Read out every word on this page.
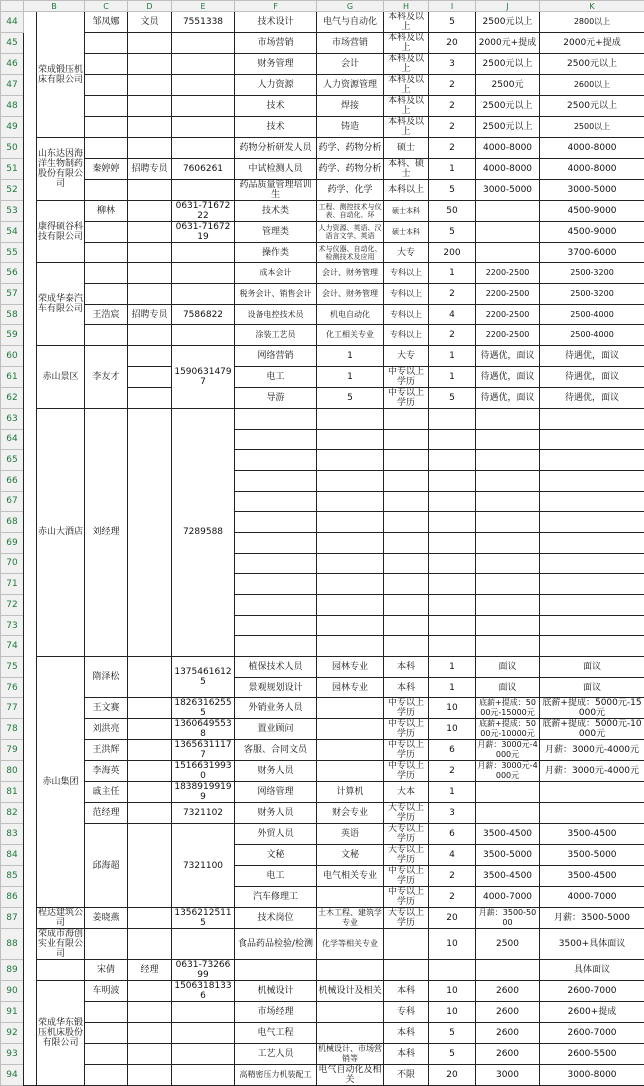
	B		C	D	E	F	G	H	I	J	K
44		荣成锻压机床有限公司	邹凤娜	文员	7551338	技术设计	电气与自动化	本科及以上	5	2500元以上	2800以上
45						市场营销	市场营销	本科及以上	20	2000元+提成	2000元+提成
46						财务管理	会计	本科及以上	3	2500元以上	2500元以上
47						人力资源	人力资源管理	本科及以上	2	2500元	2600以上
48						技术	焊接	本科及以上	2	2500元以上	2500元以上
49						技术	铸造	本科及以上	2	2500元以上	2500以上
50		山东达因海洋生物制药股份有限公司				药物分析研发人员	药学、药物分析	硕士	2	4000-8000	4000-8000
51			秦婷婷	招聘专员	7606261	中试检测人员	药学、药物分析	本科、硕士	1	4000-8000	4000-8000
52						药品质量管理培训生	药学、化学	本科以上	5	3000-5000	3000-5000
53		康得硕谷科技有限公司	柳林		0631-7167222	技术类	工程、测控技术与仪表、自动化、环	硕士本科	50		4500-9000
54					0631-7167219	管理类	人力资源、英语、汉语言文学、英语	硕士本科	5		4500-9000
55						操作类	术与仪器、自动化、检测技术及应用	大专	200		3700-6000
56		荣成华泰汽车有限公司				成本会计	会计、财务管理	专科以上	1	2200-2500	2500-3200
57						税务会计、销售会计	会计、财务管理	专科以上	2	2200-2500	2500-3200
58			王浩宸	招聘专员	7586822	设备电控技术员	机电自动化	专科以上	4	2200-2500	2500-4000
59						涂装工艺员	化工相关专业	专科以上	2	2200-2500	2500-4000
60		赤山景区	李友才		15906314797	网络营销	1	大专	1	待遇优，面议	待遇优，面议
61						电工	1	中专以上学历	1	待遇优，面议	待遇优，面议
62						导游	5	中专以上学历	5	待遇优，面议	待遇优，面议
63		赤山大酒店	刘经理		7289588						
64											
65											
66											
67											
68											
69											
70											
71											
72											
73											
74											
75		赤山集团	隋泽松		13754616125	植保技术人员	园林专业	本科	1	面议	面议
76						景观规划设计	园林专业	本科	1	面议	面议
77			王文赛		18263162555	外销业务人员		中专以上学历	10	底薪+提成：5000元-15000元	底薪+提成：5000元-15000元
78			刘洪亮		13606495538	置业顾问		中专以上学历	10	底薪+提成：5000元-10000元	底薪+提成：5000元-10000元
79			王洪辉		13656311177	客服、合同文员		中专以上学历	6	月薪：3000元-4000元	月薪：3000元-4000元
80			李海英		15166319930	财务人员		中专以上学历	2	月薪：3000元-4000元	月薪：3000元-4000元
81			戚主任		18389199199	网络管理	计算机	大本	1		
82			范经理		7321102	财务人员	财会专业	大专以上学历	3		
83			邱海超		7321100	外贸人员	英语	大专以上学历	6	3500-4500	3500-4500
84						文秘	文秘	大专以上学历	4	3500-5000	3500-5000
85						电工	电气相关专业	中专以上学历	2	3500-4500	3500-4500
86						汽车修理工		中专以上学历	2	4000-7000	4000-7000
87		程达建筑公司	姜晓燕		13562125115	技术岗位	土木工程、建筑学专业	大专以上学历	20	月薪：3500-5000	月薪：3500-5000
88		荣成市海创实业有限公司				食品药品检验/检测	化学等相关专业		10	2500	3500+具体面议
89			宋倩	经理	0631-7326699						具体面议
90		荣成华东锻压机床股份有限公司	车明波		15063181336	机械设计	机械设计及相关	本科	10	2600	2600-7000
91						市场经理		专科	10	2600	2600+提成
92						电气工程		本科	5	2600	2600-7000
93						工艺人员	机械设计、市场营销等	本科	5	2600	2600-5500
94						高精密压力机装配工	电气自动化及相关	不限	20	3000	3000-8000
